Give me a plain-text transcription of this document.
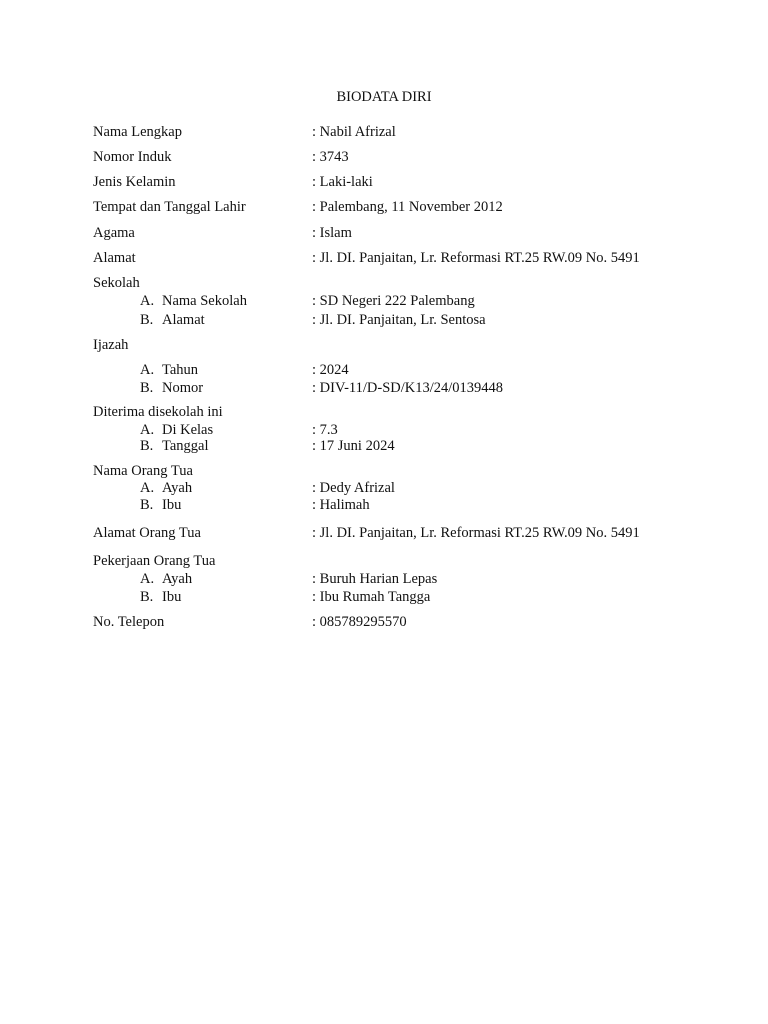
BIODATA DIRI
Nama Lengkap	: Nabil Afrizal
Nomor Induk	: 3743
Jenis Kelamin	: Laki-laki
Tempat dan Tanggal Lahir	: Palembang, 11 November 2012
Agama	: Islam
Alamat	: Jl. DI. Panjaitan, Lr. Reformasi RT.25 RW.09 No. 5491
Sekolah
A. Nama Sekolah	: SD Negeri 222 Palembang
B. Alamat	: Jl. DI. Panjaitan, Lr. Sentosa
Ijazah
A. Tahun	: 2024
B. Nomor	: DIV-11/D-SD/K13/24/0139448
Diterima disekolah ini
A. Di Kelas	: 7.3
B. Tanggal	: 17 Juni 2024
Nama Orang Tua
A. Ayah	: Dedy Afrizal
B. Ibu	: Halimah
Alamat Orang Tua	: Jl. DI. Panjaitan, Lr. Reformasi RT.25 RW.09 No. 5491
Pekerjaan Orang Tua
A. Ayah	: Buruh Harian Lepas
B. Ibu	: Ibu Rumah Tangga
No. Telepon	: 085789295570
